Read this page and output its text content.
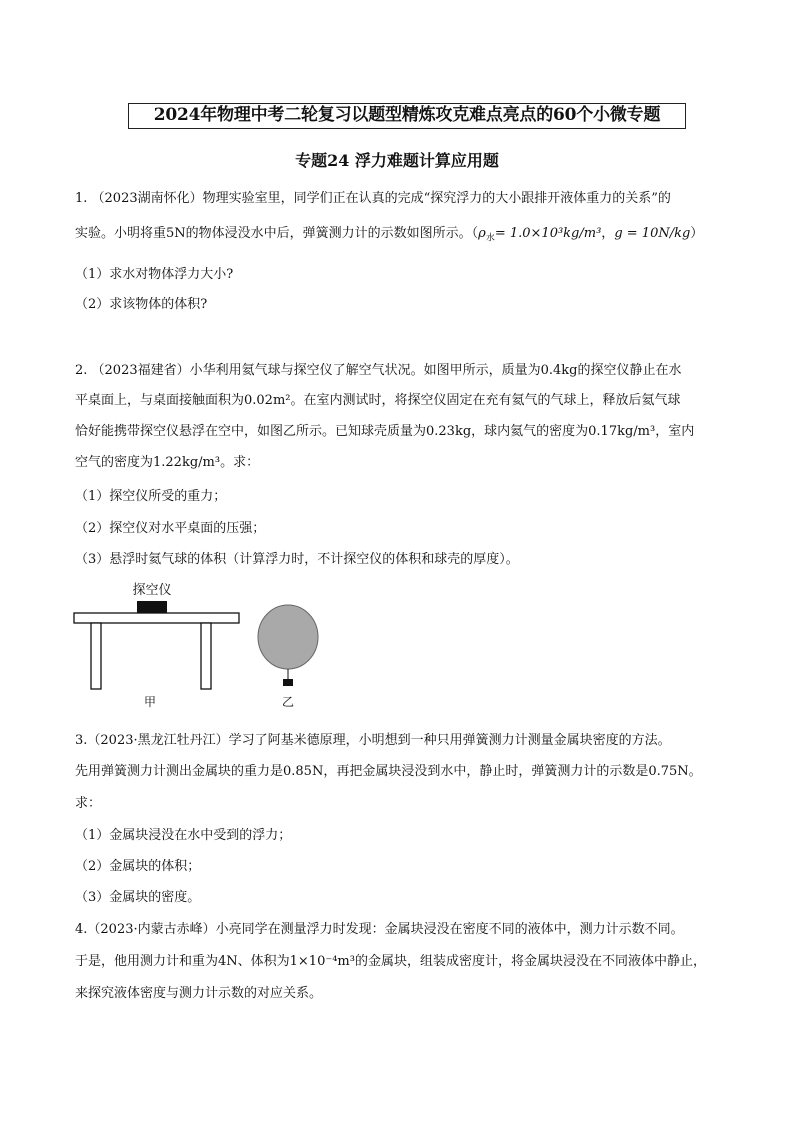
2024年物理中考二轮复习以题型精炼攻克难点亮点的60个小微专题
专题24 浮力难题计算应用题
1. （2023湖南怀化）物理实验室里，同学们正在认真的完成“探究浮力的大小跟排开液体重力的关系”的
实验。小明将重5N的物体浸没水中后，弹簧测力计的示数如图所示。（$\rho_水= 1.0\times 10^3kg/m^3$，g = 10N/kg）
（1）求水对物体浮力大小?
（2）求该物体的体积?
2. （2023福建省）小华利用氦气球与探空仪了解空气状况。如图甲所示，质量为0.4kg的探空仪静止在水
平桌面上，与桌面接触面积为0.02m²。在室内测试时，将探空仪固定在充有氦气的气球上，释放后氦气球
恰好能携带探空仪悬浮在空中，如图乙所示。已知球壳质量为0.23kg，球内氦气的密度为0.17kg/m³，室内
空气的密度为1.22kg/m³。求：
（1）探空仪所受的重力；
（2）探空仪对水平桌面的压强；
（3）悬浮时氦气球的体积（计算浮力时，不计探空仪的体积和球壳的厚度）。
探空仪
甲	乙
3.（2023·黑龙江牡丹江）学习了阿基米德原理，小明想到一种只用弹簧测力计测量金属块密度的方法。
先用弹簧测力计测出金属块的重力是0.85N，再把金属块浸没到水中，静止时，弹簧测力计的示数是0.75N。
求：
（1）金属块浸没在水中受到的浮力；
（2）金属块的体积；
（3）金属块的密度。
4.（2023·内蒙古赤峰）小亮同学在测量浮力时发现：金属块浸没在密度不同的液体中，测力计示数不同。
于是，他用测力计和重为4N、体积为1×10⁻⁴m³的金属块，组装成密度计，将金属块浸没在不同液体中静止，
来探究液体密度与测力计示数的对应关系。
